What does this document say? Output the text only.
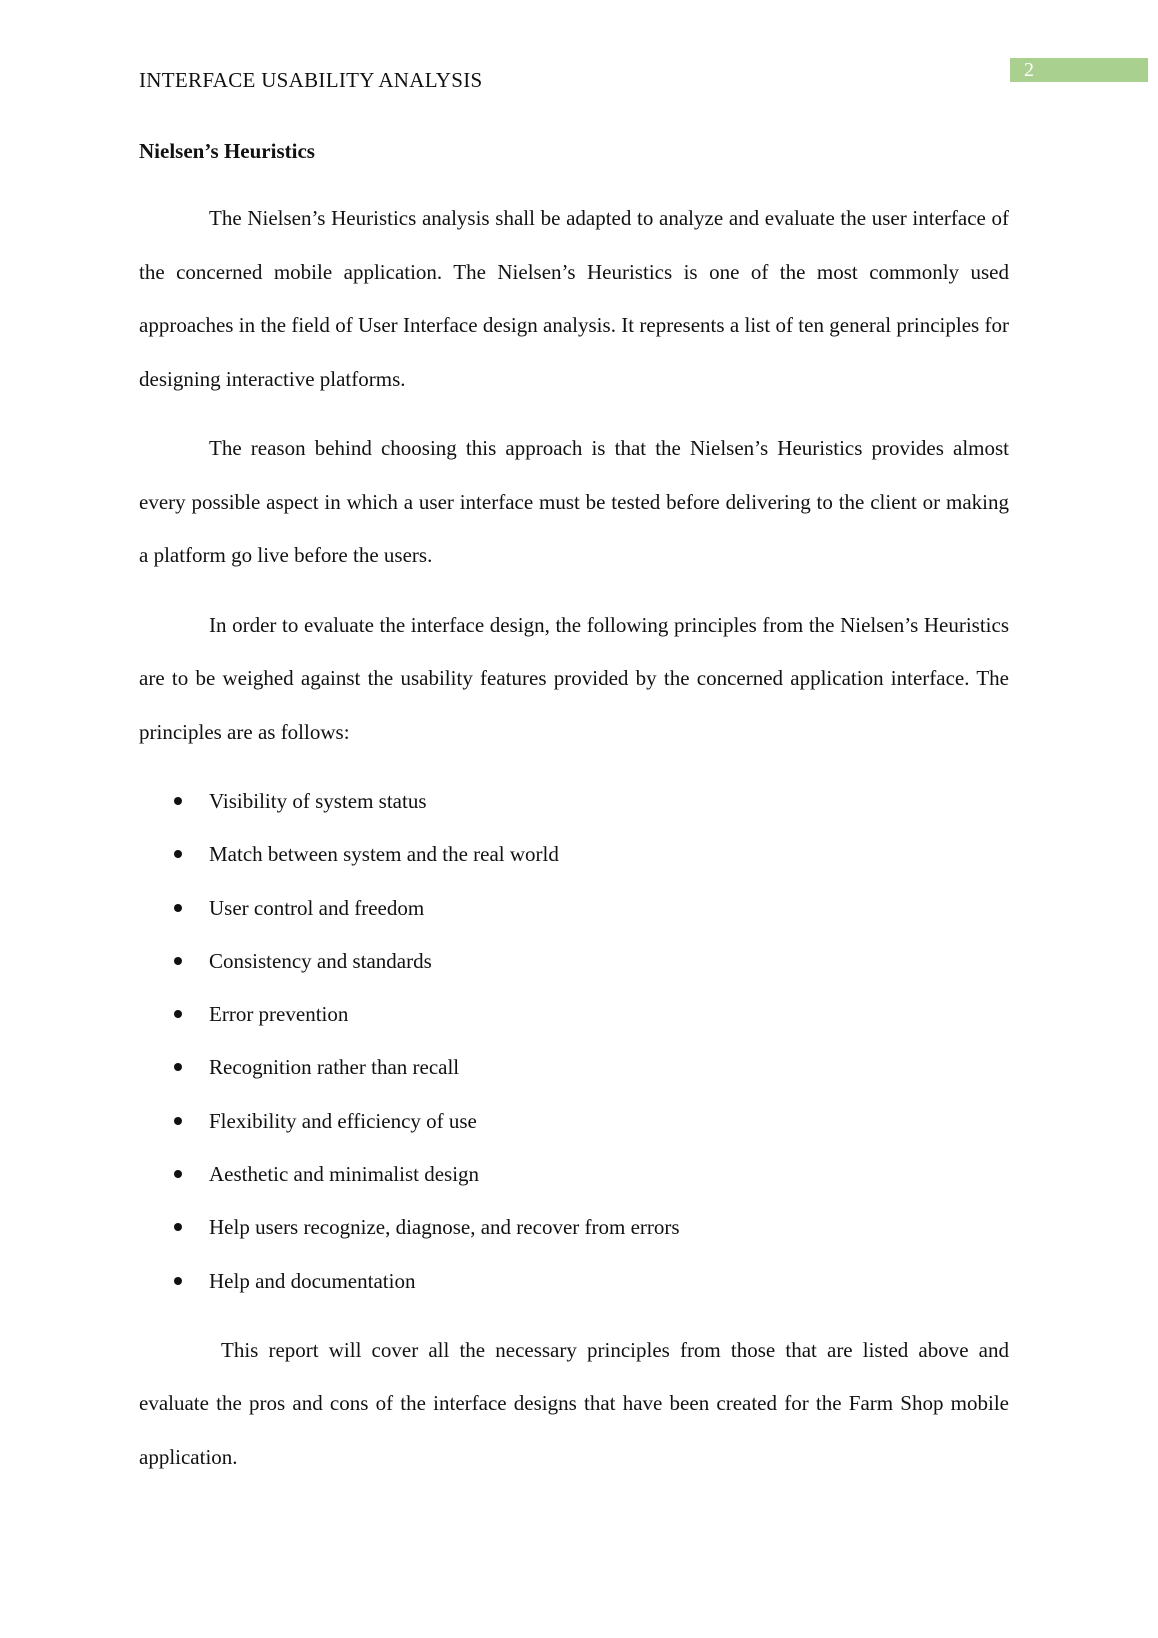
2
INTERFACE USABILITY ANALYSIS
Nielsen’s Heuristics

The Nielsen’s Heuristics analysis shall be adapted to analyze and evaluate the user interface of the concerned mobile application. The Nielsen’s Heuristics is one of the most commonly used approaches in the field of User Interface design analysis. It represents a list of ten general principles for designing interactive platforms.

The reason behind choosing this approach is that the Nielsen’s Heuristics provides almost every possible aspect in which a user interface must be tested before delivering to the client or making a platform go live before the users.

In order to evaluate the interface design, the following principles from the Nielsen’s Heuristics are to be weighed against the usability features provided by the concerned application interface. The principles are as follows:

Visibility of system status
Match between system and the real world
User control and freedom
Consistency and standards
Error prevention
Recognition rather than recall
Flexibility and efficiency of use
Aesthetic and minimalist design
Help users recognize, diagnose, and recover from errors
Help and documentation

This report will cover all the necessary principles from those that are listed above and evaluate the pros and cons of the interface designs that have been created for the Farm Shop mobile application.
